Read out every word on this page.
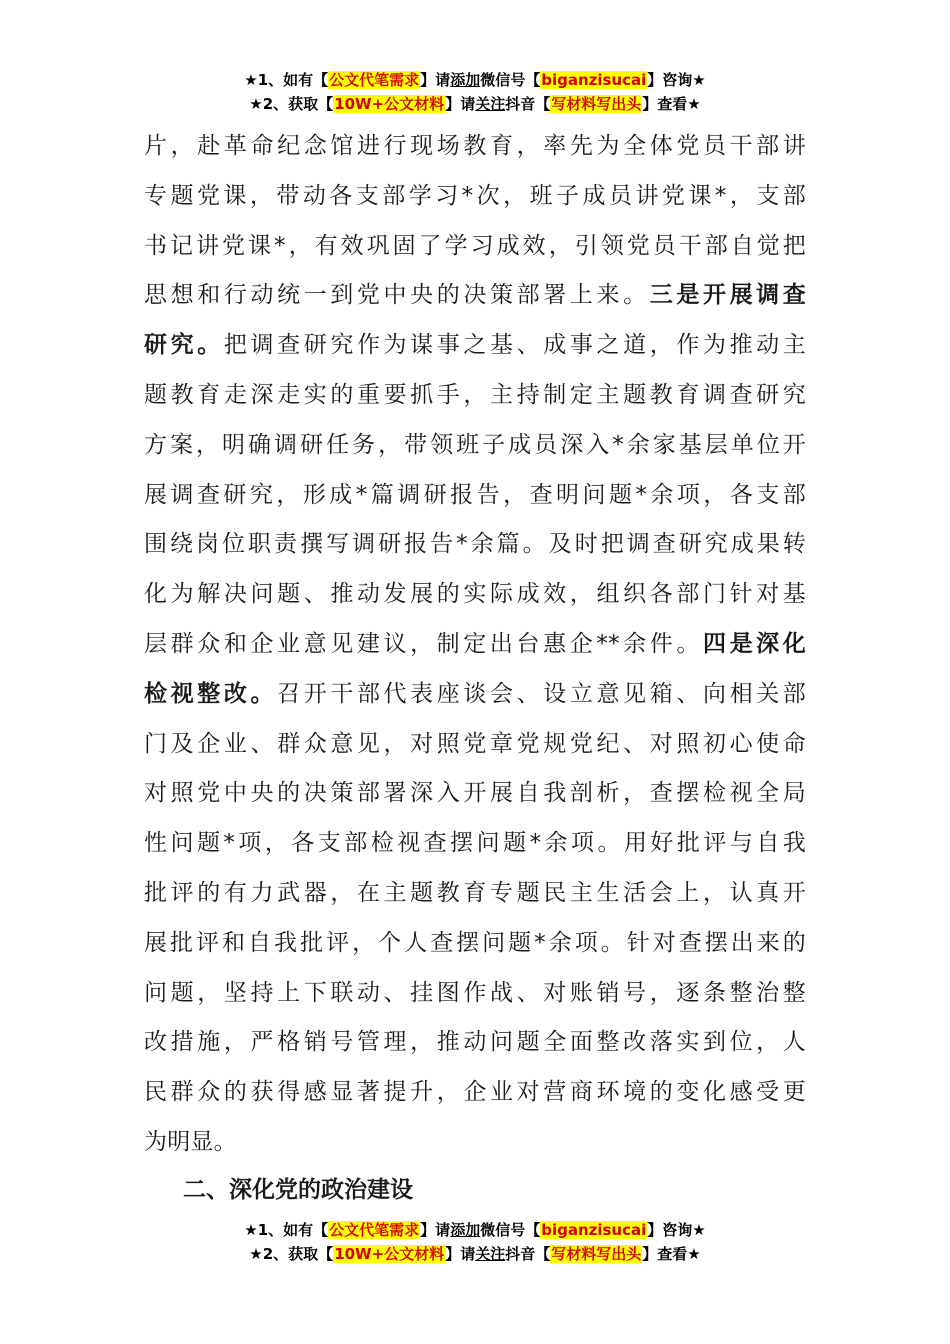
★1、如有【公文代笔需求】请添加微信号【biganzisucai】咨询★
★2、获取【10W+公文材料】请关注抖音【写材料写出头】查看★
片，赴革命纪念馆进行现场教育，率先为全体党员干部讲
专题党课，带动各支部学习*次，班子成员讲党课*，支部
书记讲党课*，有效巩固了学习成效，引领党员干部自觉把
思想和行动统一到党中央的决策部署上来。三是开展调查
研究。把调查研究作为谋事之基、成事之道，作为推动主
题教育走深走实的重要抓手，主持制定主题教育调查研究
方案，明确调研任务，带领班子成员深入*余家基层单位开
展调查研究，形成*篇调研报告，查明问题*余项，各支部
围绕岗位职责撰写调研报告*余篇。及时把调查研究成果转
化为解决问题、推动发展的实际成效，组织各部门针对基
层群众和企业意见建议，制定出台惠企**余件。四是深化
检视整改。召开干部代表座谈会、设立意见箱、向相关部
门及企业、群众意见，对照党章党规党纪、对照初心使命
对照党中央的决策部署深入开展自我剖析，查摆检视全局
性问题*项，各支部检视查摆问题*余项。用好批评与自我
批评的有力武器，在主题教育专题民主生活会上，认真开
展批评和自我批评，个人查摆问题*余项。针对查摆出来的
问题，坚持上下联动、挂图作战、对账销号，逐条整治整
改措施，严格销号管理，推动问题全面整改落实到位，人
民群众的获得感显著提升，企业对营商环境的变化感受更
为明显。
二、深化党的政治建设
★1、如有【公文代笔需求】请添加微信号【biganzisucai】咨询★
★2、获取【10W+公文材料】请关注抖音【写材料写出头】查看★
